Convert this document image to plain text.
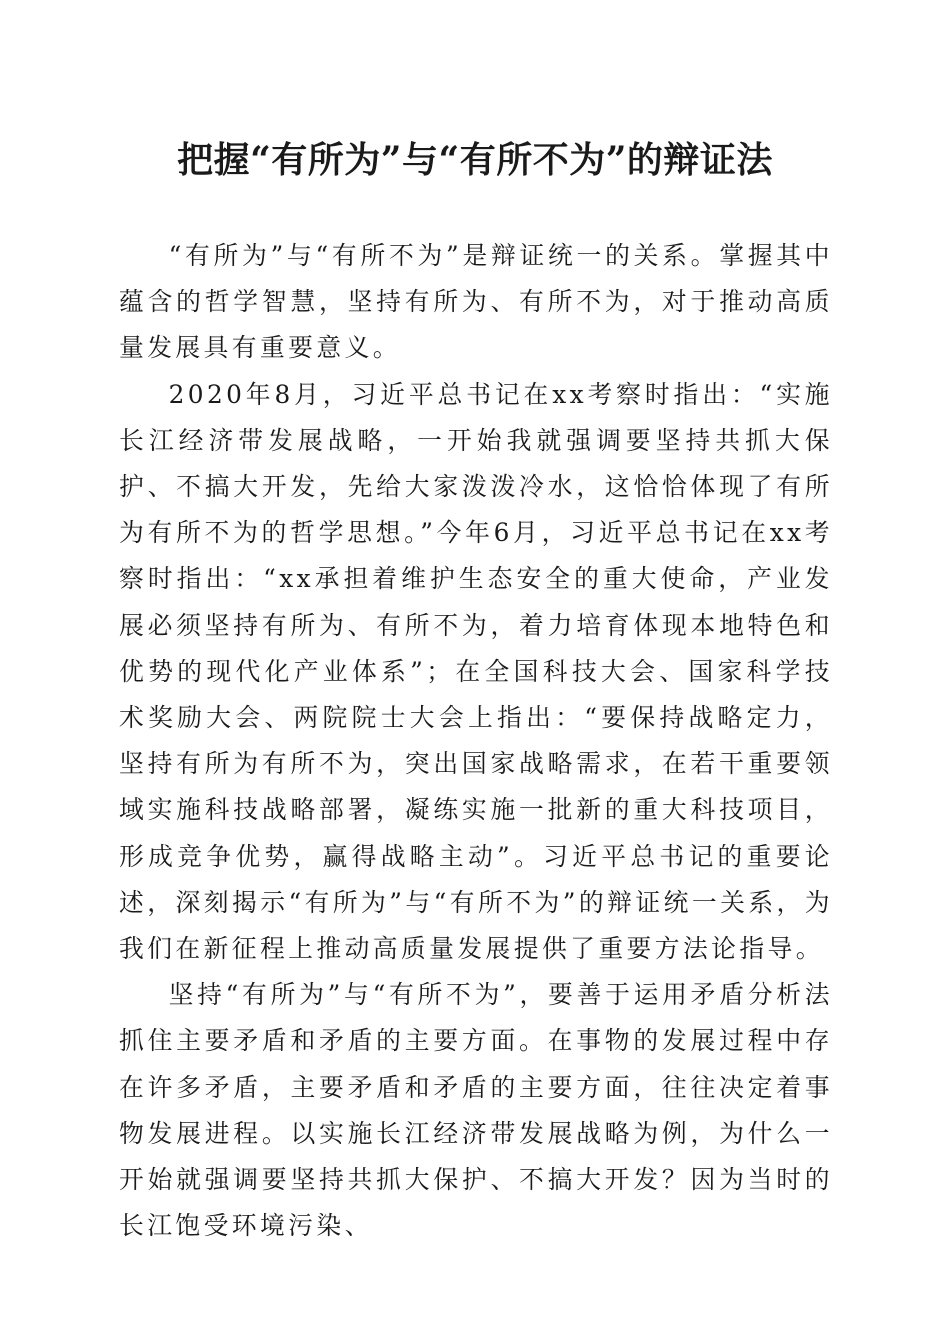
把握“有所为”与“有所不为”的辩证法

“有所为”与“有所不为”是辩证统一的关系。掌握其中蕴含的哲学智慧，坚持有所为、有所不为，对于推动高质量发展具有重要意义。

2020年8月，习近平总书记在xx考察时指出：“实施长江经济带发展战略，一开始我就强调要坚持共抓大保护、不搞大开发，先给大家泼泼冷水，这恰恰体现了有所为有所不为的哲学思想。”今年6月，习近平总书记在xx考察时指出：“xx承担着维护生态安全的重大使命，产业发展必须坚持有所为、有所不为，着力培育体现本地特色和优势的现代化产业体系”；在全国科技大会、国家科学技术奖励大会、两院院士大会上指出：“要保持战略定力，坚持有所为有所不为，突出国家战略需求，在若干重要领域实施科技战略部署，凝练实施一批新的重大科技项目，形成竞争优势，赢得战略主动”。习近平总书记的重要论述，深刻揭示“有所为”与“有所不为”的辩证统一关系，为我们在新征程上推动高质量发展提供了重要方法论指导。

坚持“有所为”与“有所不为”，要善于运用矛盾分析法抓住主要矛盾和矛盾的主要方面。在事物的发展过程中存在许多矛盾，主要矛盾和矛盾的主要方面，往往决定着事物发展进程。以实施长江经济带发展战略为例，为什么一开始就强调要坚持共抓大保护、不搞大开发？因为当时的长江饱受环境污染、
